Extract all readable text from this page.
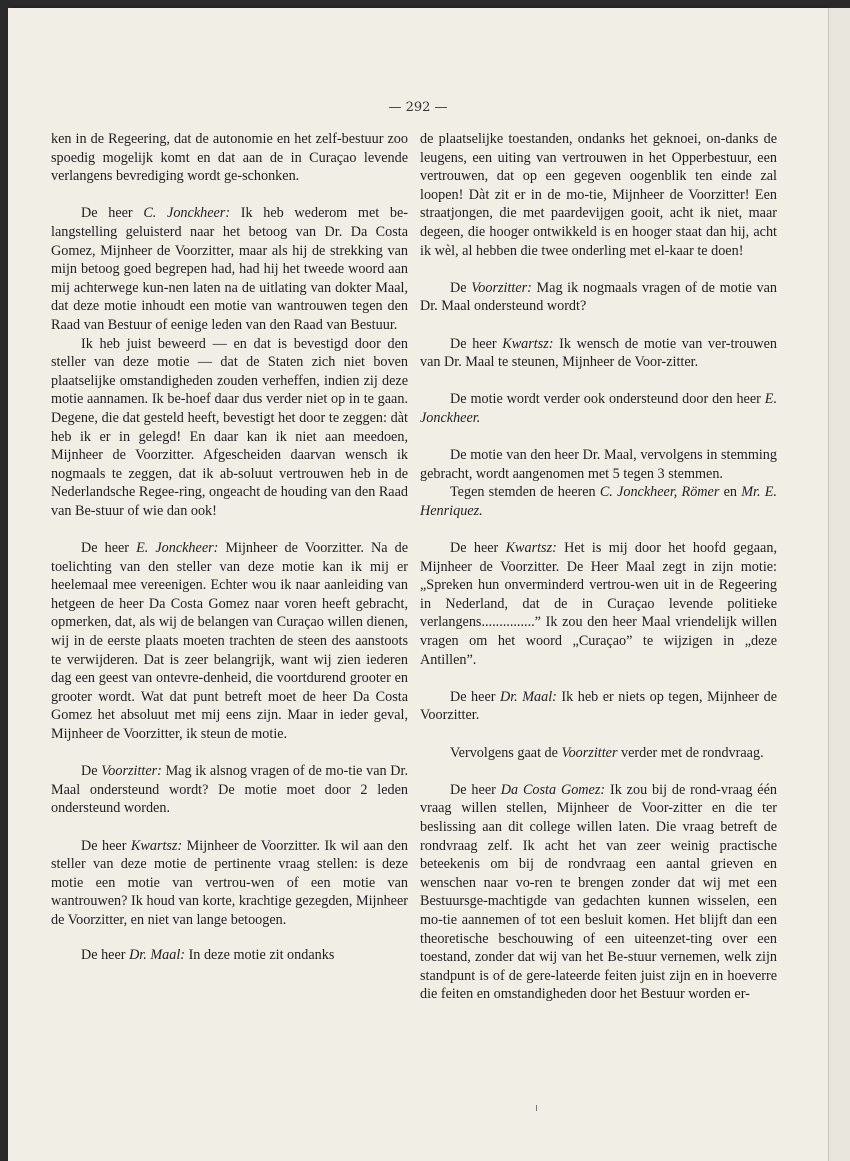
— 292 —

ken in de Regeering, dat de autonomie en het zelf-bestuur zoo spoedig mogelijk komt en dat aan de in Curaçao levende verlangens bevrediging wordt ge-schonken.

De heer C. Jonckheer: Ik heb wederom met be-langstelling geluisterd naar het betoog van Dr. Da Costa Gomez, Mijnheer de Voorzitter, maar als hij de strekking van mijn betoog goed begrepen had, had hij het tweede woord aan mij achterwege kun-nen laten na de uitlating van dokter Maal, dat deze motie inhoudt een motie van wantrouwen tegen den Raad van Bestuur of eenige leden van den Raad van Bestuur.

Ik heb juist beweerd — en dat is bevestigd door den steller van deze motie — dat de Staten zich niet boven plaatselijke omstandigheden zouden verheffen, indien zij deze motie aannamen. Ik be-hoef daar dus verder niet op in te gaan. Degene, die dat gesteld heeft, bevestigt het door te zeggen: dàt heb ik er in gelegd! En daar kan ik niet aan meedoen, Mijnheer de Voorzitter. Afgescheiden daarvan wensch ik nogmaals te zeggen, dat ik ab-soluut vertrouwen heb in de Nederlandsche Regee-ring, ongeacht de houding van den Raad van Be-stuur of wie dan ook!

De heer E. Jonckheer: Mijnheer de Voorzitter. Na de toelichting van den steller van deze motie kan ik mij er heelemaal mee vereenigen. Echter wou ik naar aanleiding van hetgeen de heer Da Costa Gomez naar voren heeft gebracht, opmerken, dat, als wij de belangen van Curaçao willen dienen, wij in de eerste plaats moeten trachten de steen des aanstoots te verwijderen. Dat is zeer belangrijk, want wij zien iederen dag een geest van ontevre-denheid, die voortdurend grooter en grooter wordt. Wat dat punt betreft moet de heer Da Costa Gomez het absoluut met mij eens zijn. Maar in ieder geval, Mijnheer de Voorzitter, ik steun de motie.

De Voorzitter: Mag ik alsnog vragen of de mo-tie van Dr. Maal ondersteund wordt? De motie moet door 2 leden ondersteund worden.

De heer Kwartsz: Mijnheer de Voorzitter. Ik wil aan den steller van deze motie de pertinente vraag stellen: is deze motie een motie van vertrou-wen of een motie van wantrouwen? Ik houd van korte, krachtige gezegden, Mijnheer de Voorzitter, en niet van lange betoogen.

De heer Dr. Maal: In deze motie zit ondanks

de plaatselijke toestanden, ondanks het geknoei, on-danks de leugens, een uiting van vertrouwen in het Opperbestuur, een vertrouwen, dat op een gegeven oogenblik ten einde zal loopen! Dàt zit er in de mo-tie, Mijnheer de Voorzitter! Een straatjongen, die met paardevijgen gooit, acht ik niet, maar degeen, die hooger ontwikkeld is en hooger staat dan hij, acht ik wèl, al hebben die twee onderling met el-kaar te doen!

De Voorzitter: Mag ik nogmaals vragen of de motie van Dr. Maal ondersteund wordt?

De heer Kwartsz: Ik wensch de motie van ver-trouwen van Dr. Maal te steunen, Mijnheer de Voor-zitter.

De motie wordt verder ook ondersteund door den heer E. Jonckheer.

De motie van den heer Dr. Maal, vervolgens in stemming gebracht, wordt aangenomen met 5 tegen 3 stemmen.

Tegen stemden de heeren C. Jonckheer, Römer en Mr. E. Henriquez.

De heer Kwartsz: Het is mij door het hoofd gegaan, Mijnheer de Voorzitter. De Heer Maal zegt in zijn motie: „Spreken hun onverminderd vertrou-wen uit in de Regeering in Nederland, dat de in Curaçao levende politieke verlangens...............” Ik zou den heer Maal vriendelijk willen vragen om het woord „Curaçao” te wijzigen in „deze Antillen”.

De heer Dr. Maal: Ik heb er niets op tegen, Mijnheer de Voorzitter.

Vervolgens gaat de Voorzitter verder met de rondvraag.

De heer Da Costa Gomez: Ik zou bij de rond-vraag één vraag willen stellen, Mijnheer de Voor-zitter en die ter beslissing aan dit college willen laten. Die vraag betreft de rondvraag zelf. Ik acht het van zeer weinig practische beteekenis om bij de rondvraag een aantal grieven en wenschen naar vo-ren te brengen zonder dat wij met een Bestuursge-machtigde van gedachten kunnen wisselen, een mo-tie aannemen of tot een besluit komen. Het blijft dan een theoretische beschouwing of een uiteenzet-ting over een toestand, zonder dat wij van het Be-stuur vernemen, welk zijn standpunt is of de gere-lateerde feiten juist zijn en in hoeverre die feiten en omstandigheden door het Bestuur worden er-
